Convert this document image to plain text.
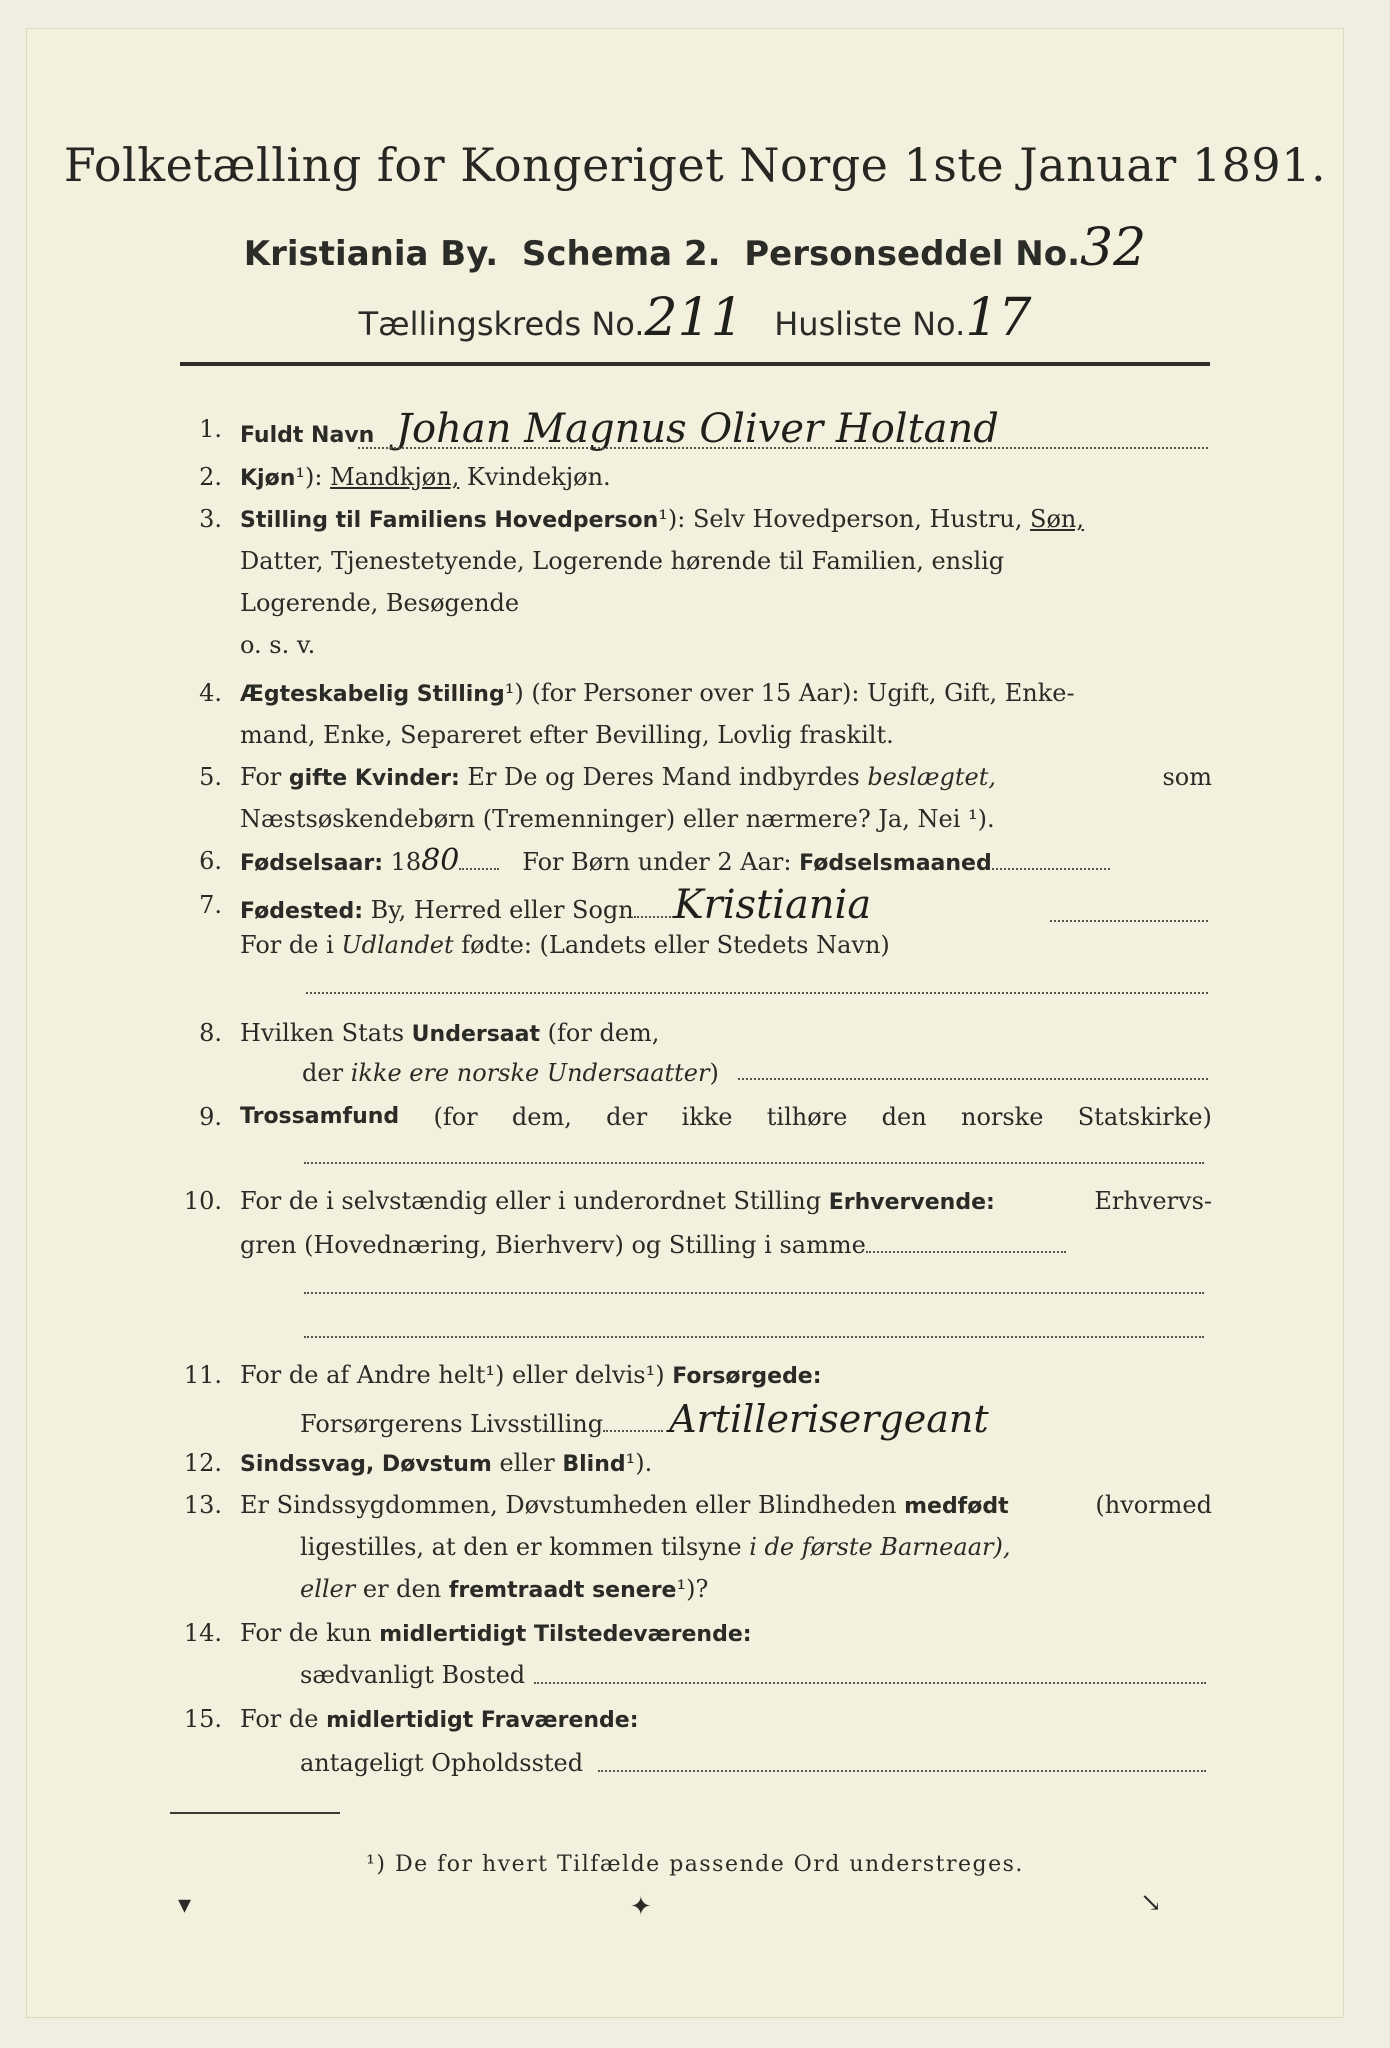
Folketælling for Kongeriget Norge 1ste Januar 1891.
Kristiania By. Schema 2. Personseddel No.32
Tællingskreds No.211 Husliste No.17
1. Fuldt Navn Johan Magnus Oliver Holtand
2. Kjøn¹): Mandkjøn, Kvindekjøn.
3. Stilling til Familiens Hovedperson¹): Selv Hovedperson, Hustru, Søn,
Datter, Tjenestetyende, Logerende hørende til Familien, enslig
Logerende, Besøgende
o. s. v.
4. Ægteskabelig Stilling¹) (for Personer over 15 Aar): Ugift, Gift, Enke-
mand, Enke, Separeret efter Bevilling, Lovlig fraskilt.
5. For gifte Kvinder: Er De og Deres Mand indbyrdes beslægtet,	som
Næstsøskendebørn (Tremenninger) eller nærmere? Ja, Nei ¹).
6. Fødselsaar: 1880	For Børn under 2 Aar: Fødselsmaaned
7. Fødested: By, Herred eller Sogn Kristiania
For de i Udlandet fødte: (Landets eller Stedets Navn)
8. Hvilken Stats Undersaat (for dem,
der ikke ere norske Undersaatter)
9. Trossamfund (for dem, der ikke tilhøre den norske Statskirke)
10. For de i selvstændig eller i underordnet Stilling Erhvervende:	Erhvervs-
gren (Hovednæring, Bierhverv) og Stilling i samme
11. For de af Andre helt¹) eller delvis¹) Forsørgede:
Forsørgerens Livsstilling Artillerisergeant
12. Sindssvag, Døvstum eller Blind¹).
13. Er Sindssygdommen, Døvstumheden eller Blindheden medfødt	(hvormed
ligestilles, at den er kommen tilsyne i de første Barneaar),
eller er den fremtraadt senere¹)?
14. For de kun midlertidigt Tilstedeværende:
sædvanligt Bosted
15. For de midlertidigt Fraværende:
antageligt Opholdssted
¹) De for hvert Tilfælde passende Ord understreges.
▾	✦	↘
